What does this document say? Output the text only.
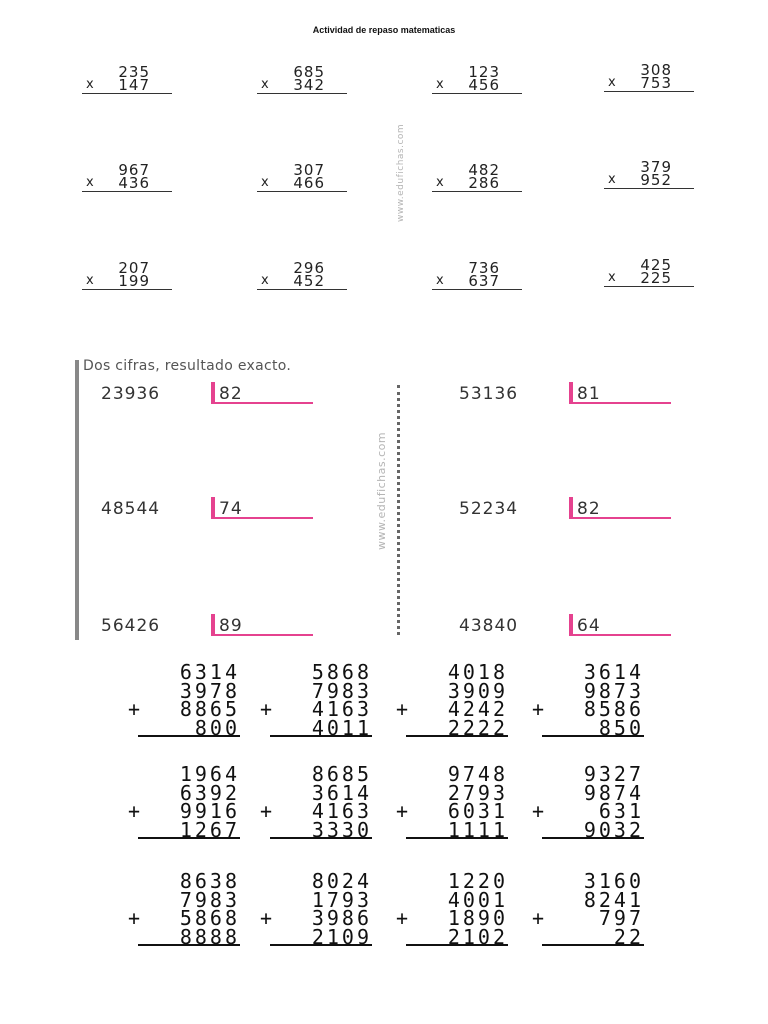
Actividad de repaso matematicas
235
x 147
685
x 342
123
x 456
308
x 753
967
x 436
307
x 466
482
x 286
379
x 952
207
x 199
296
x 452
736
x 637
425
x 225
www.edufichas.com
Dos cifras, resultado exacto.
www.edufichas.com
23936	82	53136	81
48544	74	52234	82
56426	89	43840	64
6314
3978
8865
800
+
5868
7983
4163
4011
+
4018
3909
4242
2222
+
3614
9873
8586
850
+
1964
6392
9916
1267
+
8685
3614
4163
3330
+
9748
2793
6031
1111
+
9327
9874
631
9032
+
8638
7983
5868
8888
+
8024
1793
3986
2109
+
1220
4001
1890
2102
+
3160
8241
797
22
+
